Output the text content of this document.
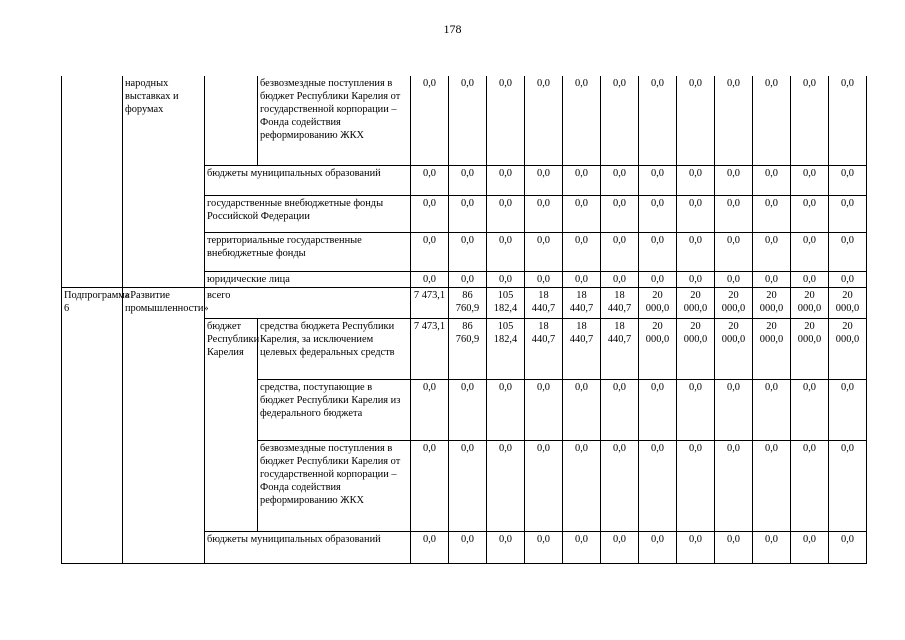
178
	народных выставках и форумах		безвозмездные поступления в бюджет Республики Карелия от государственной корпорации – Фонда содействия реформированию ЖКХ	0,0	0,0	0,0	0,0	0,0	0,0	0,0	0,0	0,0	0,0	0,0	0,0
		бюджеты муниципальных образований		0,0	0,0	0,0	0,0	0,0	0,0	0,0	0,0	0,0	0,0	0,0	0,0
		государственные внебюджетные фонды Российской Федерации		0,0	0,0	0,0	0,0	0,0	0,0	0,0	0,0	0,0	0,0	0,0	0,0
		территориальные государственные внебюджетные фонды		0,0	0,0	0,0	0,0	0,0	0,0	0,0	0,0	0,0	0,0	0,0	0,0
		юридические лица		0,0	0,0	0,0	0,0	0,0	0,0	0,0	0,0	0,0	0,0	0,0	0,0
Подпрограмма 6	«Развитие промышленности»	всего		7 473,1	86 760,9	105 182,4	18 440,7	18 440,7	18 440,7	20 000,0	20 000,0	20 000,0	20 000,0	20 000,0	20 000,0
		бюджет Республики Карелия	средства бюджета Республики Карелия, за исключением целевых федеральных средств	7 473,1	86 760,9	105 182,4	18 440,7	18 440,7	18 440,7	20 000,0	20 000,0	20 000,0	20 000,0	20 000,0	20 000,0
			средства, поступающие в бюджет Республики Карелия из федерального бюджета	0,0	0,0	0,0	0,0	0,0	0,0	0,0	0,0	0,0	0,0	0,0	0,0
			безвозмездные поступления в бюджет Республики Карелия от государственной корпорации – Фонда содействия реформированию ЖКХ	0,0	0,0	0,0	0,0	0,0	0,0	0,0	0,0	0,0	0,0	0,0	0,0
		бюджеты муниципальных образований		0,0	0,0	0,0	0,0	0,0	0,0	0,0	0,0	0,0	0,0	0,0	0,0
